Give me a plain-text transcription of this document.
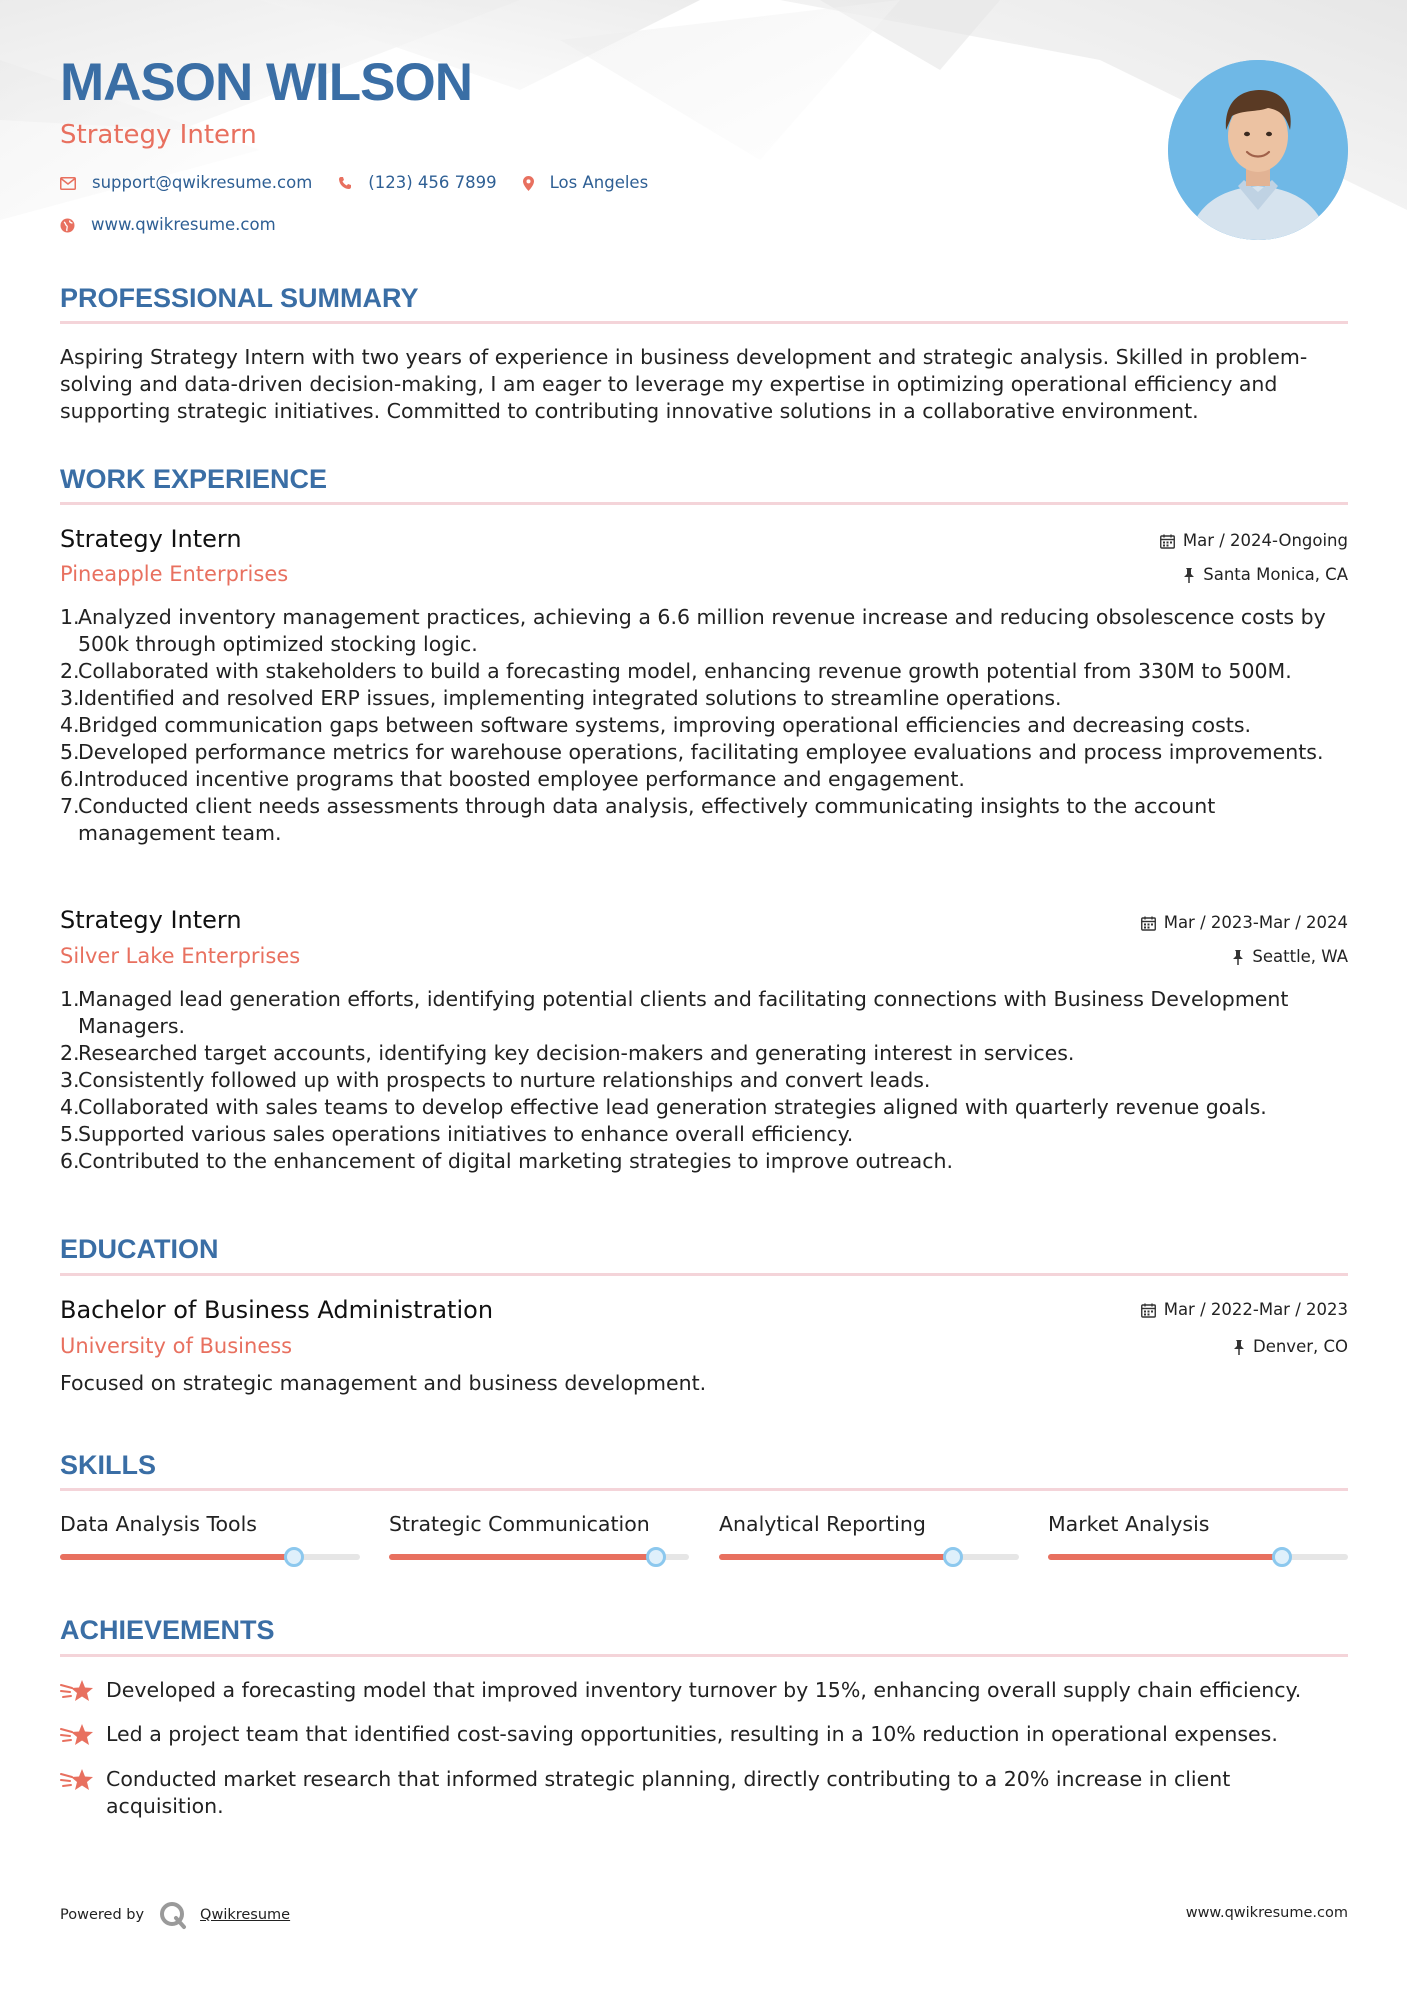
MASON WILSON
Strategy Intern
support@qwikresume.com	(123) 456 7899	Los Angeles
www.qwikresume.com
PROFESSIONAL SUMMARY
Aspiring Strategy Intern with two years of experience in business development and strategic analysis. Skilled in problem-solving and data-driven decision-making, I am eager to leverage my expertise in optimizing operational efficiency and supporting strategic initiatives. Committed to contributing innovative solutions in a collaborative environment.
WORK EXPERIENCE
Strategy Intern	Mar / 2024-Ongoing
Pineapple Enterprises	Santa Monica, CA
1.
Analyzed inventory management practices, achieving a 6.6 million revenue increase and reducing obsolescence costs by 500k through optimized stocking logic.
2.
Collaborated with stakeholders to build a forecasting model, enhancing revenue growth potential from 330M to 500M.
3.
Identified and resolved ERP issues, implementing integrated solutions to streamline operations.
4.
Bridged communication gaps between software systems, improving operational efficiencies and decreasing costs.
5.
Developed performance metrics for warehouse operations, facilitating employee evaluations and process improvements.
6.
Introduced incentive programs that boosted employee performance and engagement.
7.
Conducted client needs assessments through data analysis, effectively communicating insights to the account management team.
Strategy Intern	Mar / 2023-Mar / 2024
Silver Lake Enterprises	Seattle, WA
1.
Managed lead generation efforts, identifying potential clients and facilitating connections with Business Development Managers.
2.
Researched target accounts, identifying key decision-makers and generating interest in services.
3.
Consistently followed up with prospects to nurture relationships and convert leads.
4.
Collaborated with sales teams to develop effective lead generation strategies aligned with quarterly revenue goals.
5.
Supported various sales operations initiatives to enhance overall efficiency.
6.
Contributed to the enhancement of digital marketing strategies to improve outreach.
EDUCATION
Bachelor of Business Administration	Mar / 2022-Mar / 2023
University of Business	Denver, CO
Focused on strategic management and business development.
SKILLS
Data Analysis Tools	Strategic Communication	Analytical Reporting	Market Analysis
ACHIEVEMENTS
Developed a forecasting model that improved inventory turnover by 15%, enhancing overall supply chain efficiency.
Led a project team that identified cost-saving opportunities, resulting in a 10% reduction in operational expenses.
Conducted market research that informed strategic planning, directly contributing to a 20% increase in client acquisition.
Powered by	Qwikresume	www.qwikresume.com
